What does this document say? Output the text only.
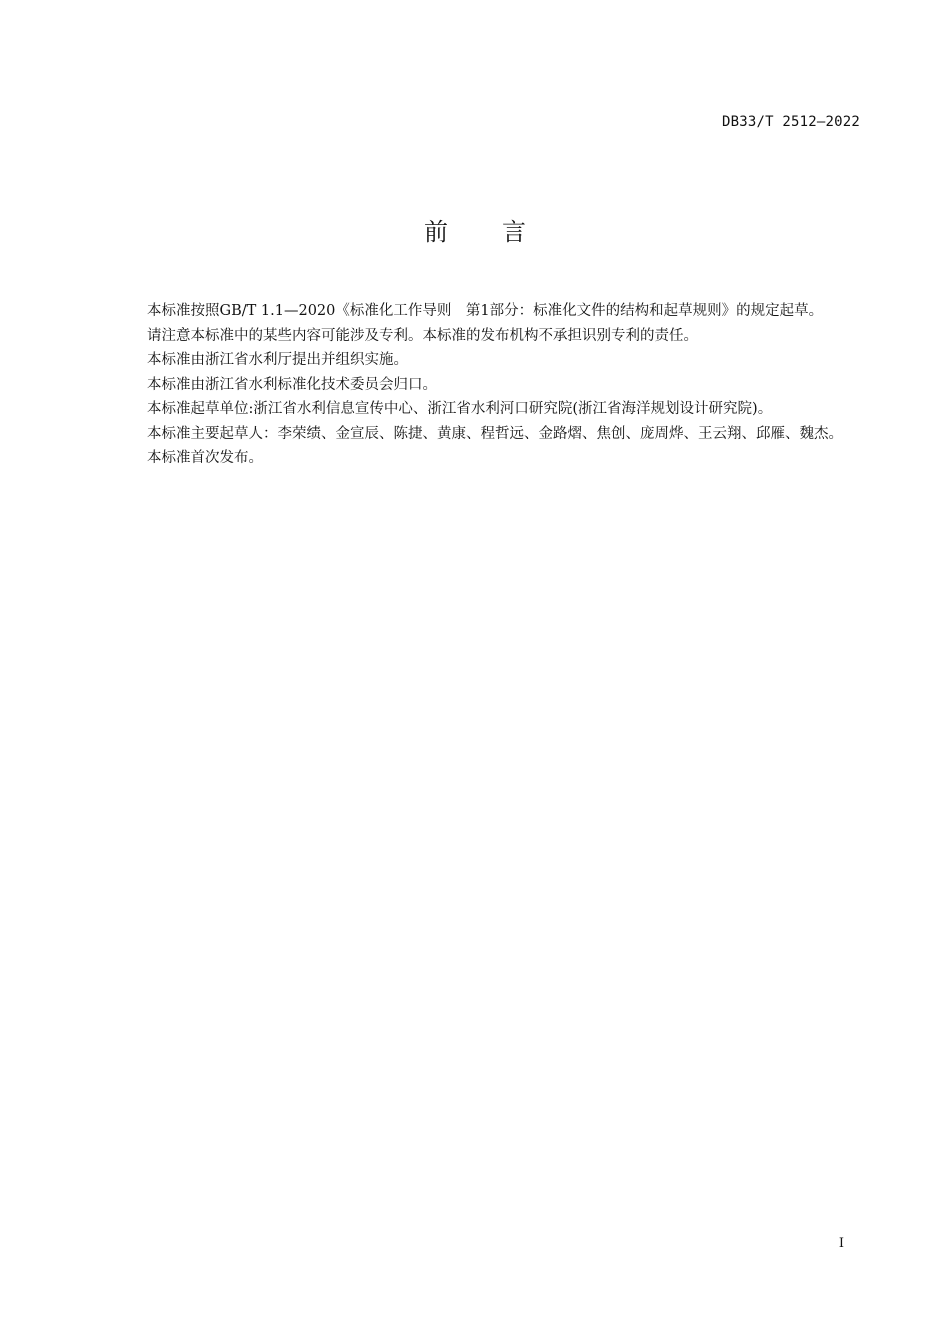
DB33/T 2512—2022
前 言

本标准按照GB/T 1.1—2020《标准化工作导则　第1部分：标准化文件的结构和起草规则》的规定起草。

请注意本标准中的某些内容可能涉及专利。本标准的发布机构不承担识别专利的责任。

本标准由浙江省水利厅提出并组织实施。

本标准由浙江省水利标准化技术委员会归口。

本标准起草单位:浙江省水利信息宣传中心、浙江省水利河口研究院(浙江省海洋规划设计研究院)。

本标准主要起草人：李荣绩、金宣辰、陈捷、黄康、程哲远、金路熠、焦创、庞周烨、王云翔、邱雁、魏杰。

本标准首次发布。

I
